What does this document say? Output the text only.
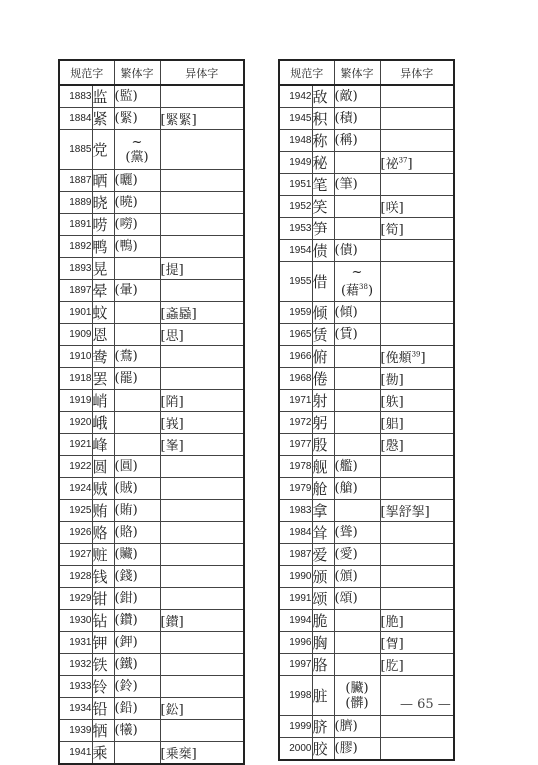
规范字		繁体字	异体字
1883	监	(監)	
1884	紧	(緊)	[緊緊]
1885	党	~
(黨)	
1887	晒	(曬)	
1889	晓	(曉)	
1891	唠	(嘮)	
1892	鸭	(鴨)	
1893	晃		[提]
1897	晕	(暈)	
1901	蚊		[螡蟁]
1909	恩		[思]
1910	鸯	(鴦)	
1918	罢	(罷)	
1919	峭		[陗]
1920	峨		[峩]
1921	峰		[峯]
1922	圆	(圓)	
1924	贼	(賊)	
1925	贿	(賄)	
1926	赂	(賂)	
1927	赃	(贜)	
1928	钱	(錢)	
1929	钳	(鉗)	
1930	钻	(鑽)	[鑚]
1931	钾	(鉀)	
1932	铁	(鐵)	
1933	铃	(鈴)	
1934	铅	(鉛)	[鈆]
1939	牺	(犧)	
1941	乘		[乗椉]
规范字		繁体字	异体字
1942	敌	(敵)	
1945	积	(積)	
1948	称	(稱)	
1949	秘		[祕$^{37}$]
1951	笔	(筆)	
1952	笑		[咲]
1953	笋		[筍]
1954	债	(債)	
1955	借	~
(藉$^{38}$)	
1959	倾	(傾)	
1965	赁	(賃)	
1966	俯		[俛頫$^{39}$]
1968	倦		[勌]
1971	射		[䠶]
1972	躬		[躳]
1977	殷		[慇]
1978	舰	(艦)	
1979	舱	(艙)	
1983	拿		[挐舒挐]
1984	耸	(聳)	
1987	爱	(愛)	
1990	颁	(頒)	
1991	颂	(頌)	
1994	脆		[脃]
1996	胸		[胷]
1997	胳		[肐]
1998	脏	(臟)
(髒)	
1999	脐	(臍)	
2000	胶	(膠)	
— 65 —
